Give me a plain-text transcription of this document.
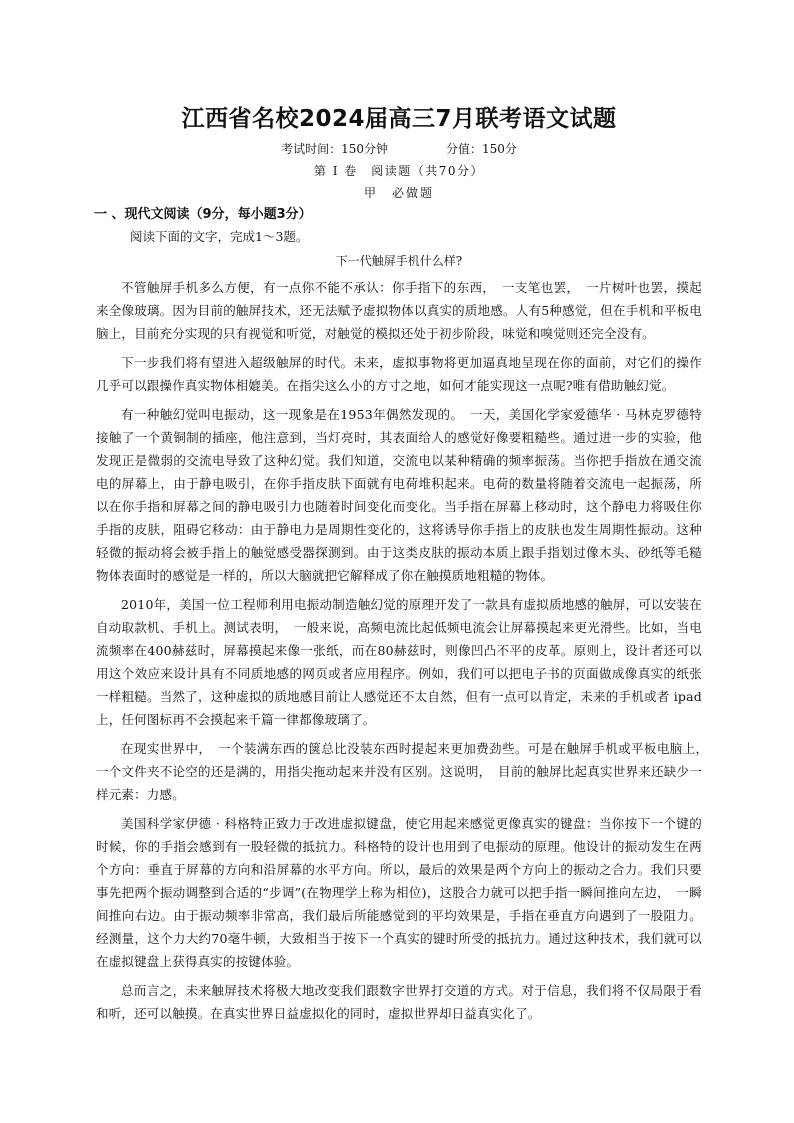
江西省名校2024届高三7月联考语文试题
考试时间：150分钟	分值：150分
第 Ⅰ 卷　阅读题（共70分）
甲　必做题
一 、现代文阅读（9分，每小题3分）
阅读下面的文字，完成1～3题。
下一代触屏手机什么样?

不管触屏手机多么方便，有一点你不能不承认：你手指下的东西，　一支笔也罢，　一片树叶也罢，摸起来全像玻璃。因为目前的触屏技术，还无法赋予虚拟物体以真实的质地感。人有5种感觉，但在手机和平板电脑上，目前充分实现的只有视觉和听觉，对触觉的模拟还处于初步阶段，味觉和嗅觉则还完全没有。

下一步我们将有望进入超级触屏的时代。未来，虚拟事物将更加逼真地呈现在你的面前，对它们的操作几乎可以跟操作真实物体相媲美。在指尖这么小的方寸之地，如何才能实现这一点呢?唯有借助触幻觉。

有一种触幻觉叫电振动，这一现象是在1953年偶然发现的。　一天，美国化学家爱德华 · 马林克罗德特接触了一个黄铜制的插座，他注意到，当灯亮时，其表面给人的感觉好像要粗糙些。通过进一步的实验，他发现正是微弱的交流电导致了这种幻觉。我们知道，交流电以某种精确的频率振荡。当你把手指放在通交流电的屏幕上，由于静电吸引，在你手指皮肤下面就有电荷堆积起来。电荷的数量将随着交流电一起振荡，所以在你手指和屏幕之间的静电吸引力也随着时间变化而变化。当手指在屏幕上移动时，这个静电力将吸住你手指的皮肤，阻碍它移动：由于静电力是周期性变化的，这将诱导你手指上的皮肤也发生周期性振动。这种轻微的振动将会被手指上的触觉感受器探测到。由于这类皮肤的振动本质上跟手指划过像木头、砂纸等毛糙物体表面时的感觉是一样的，所以大脑就把它解释成了你在触摸质地粗糙的物体。

2010年，美国一位工程师利用电振动制造触幻觉的原理开发了一款具有虚拟质地感的触屏，可以安装在自动取款机、手机上。测试表明，　一般来说，高频电流比起低频电流会让屏幕摸起来更光滑些。比如，当电流频率在400赫兹时，屏幕摸起来像一张纸，而在80赫兹时，则像凹凸不平的皮革。原则上，设计者还可以用这个效应来设计具有不同质地感的网页或者应用程序。例如，我们可以把电子书的页面做成像真实的纸张一样粗糙。当然了，这种虚拟的质地感目前让人感觉还不太自然，但有一点可以肯定，未来的手机或者 ipad 上，任何图标再不会摸起来千篇一律都像玻璃了。

在现实世界中，　一个装满东西的箧总比没装东西时提起来更加费劲些。可是在触屏手机或平板电脑上，　一个文件夹不论空的还是满的，用指尖拖动起来并没有区别。这说明，　目前的触屏比起真实世界来还缺少一样元素：力感。

美国科学家伊德 · 科格特正致力于改进虚拟键盘，使它用起来感觉更像真实的键盘：当你按下一个键的时候，你的手指会感到有一股轻微的抵抗力。科格特的设计也用到了电振动的原理。他设计的振动发生在两个方向：垂直于屏幕的方向和沿屏幕的水平方向。所以，最后的效果是两个方向上的振动之合力。我们只要事先把两个振动调整到合适的“步调”(在物理学上称为相位)，这股合力就可以把手指一瞬间推向左边，　一瞬间推向右边。由于振动频率非常高，我们最后所能感觉到的平均效果是，手指在垂直方向遇到了一股阻力。经测量，这个力大约70毫牛顿，大致相当于按下一个真实的键时所受的抵抗力。通过这种技术，我们就可以在虚拟键盘上获得真实的按键体验。

总而言之，未来触屏技术将极大地改变我们跟数字世界打交道的方式。对于信息，我们将不仅局限于看和听，还可以触摸。在真实世界日益虚拟化的同时，虚拟世界却日益真实化了。
